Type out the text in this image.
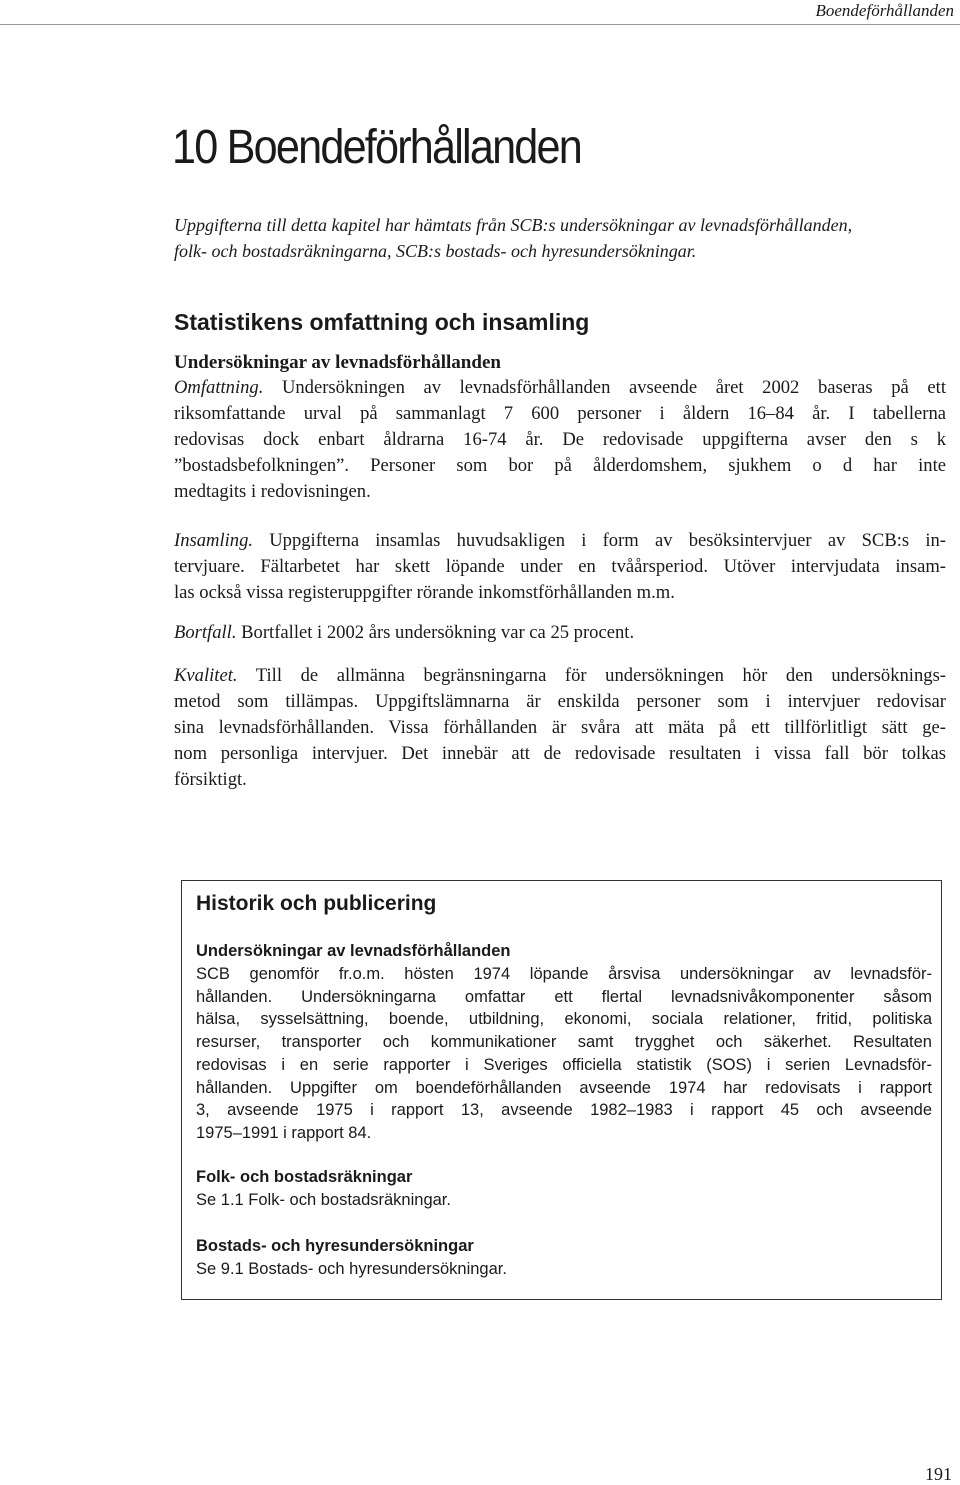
Boendeförhållanden
10 Boendeförhållanden

Uppgifterna till detta kapitel har hämtats från SCB:s undersökningar av levnadsförhållanden,
folk- och bostadsräkningarna, SCB:s bostads- och hyresundersökningar.

Statistikens omfattning och insamling
Undersökningar av levnadsförhållanden
Omfattning. Undersökningen av levnadsförhållanden avseende året 2002 baseras på ett
riksomfattande urval på sammanlagt 7 600 personer i åldern 16–84 år. I tabellerna
redovisas dock enbart åldrarna 16-74 år. De redovisade uppgifterna avser den s k
”bostadsbefolkningen”. Personer som bor på ålderdomshem, sjukhem o d har inte
medtagits i redovisningen.
Insamling. Uppgifterna insamlas huvudsakligen i form av besöksintervjuer av SCB:s in-
tervjuare. Fältarbetet har skett löpande under en tvåårsperiod. Utöver intervjudata insam-
las också vissa registeruppgifter rörande inkomstförhållanden m.m.
Bortfall. Bortfallet i 2002 års undersökning var ca 25 procent.
Kvalitet. Till de allmänna begränsningarna för undersökningen hör den undersöknings-
metod som tillämpas. Uppgiftslämnarna är enskilda personer som i intervjuer redovisar
sina levnadsförhållanden. Vissa förhållanden är svåra att mäta på ett tillförlitligt sätt ge-
nom personliga intervjuer. Det innebär att de redovisade resultaten i vissa fall bör tolkas
försiktigt.
Historik och publicering
Undersökningar av levnadsförhållanden
SCB genomför fr.o.m. hösten 1974 löpande årsvisa undersökningar av levnadsför-
hållanden. Undersökningarna omfattar ett flertal levnadsnivåkomponenter såsom
hälsa, sysselsättning, boende, utbildning, ekonomi, sociala relationer, fritid, politiska
resurser, transporter och kommunikationer samt trygghet och säkerhet. Resultaten
redovisas i en serie rapporter i Sveriges officiella statistik (SOS) i serien Levnadsför-
hållanden. Uppgifter om boendeförhållanden avseende 1974 har redovisats i rapport
3, avseende 1975 i rapport 13, avseende 1982–1983 i rapport 45 och avseende
1975–1991 i rapport 84.
Folk- och bostadsräkningar
Se 1.1 Folk- och bostadsräkningar.
Bostads- och hyresundersökningar
Se 9.1 Bostads- och hyresundersökningar.
191
